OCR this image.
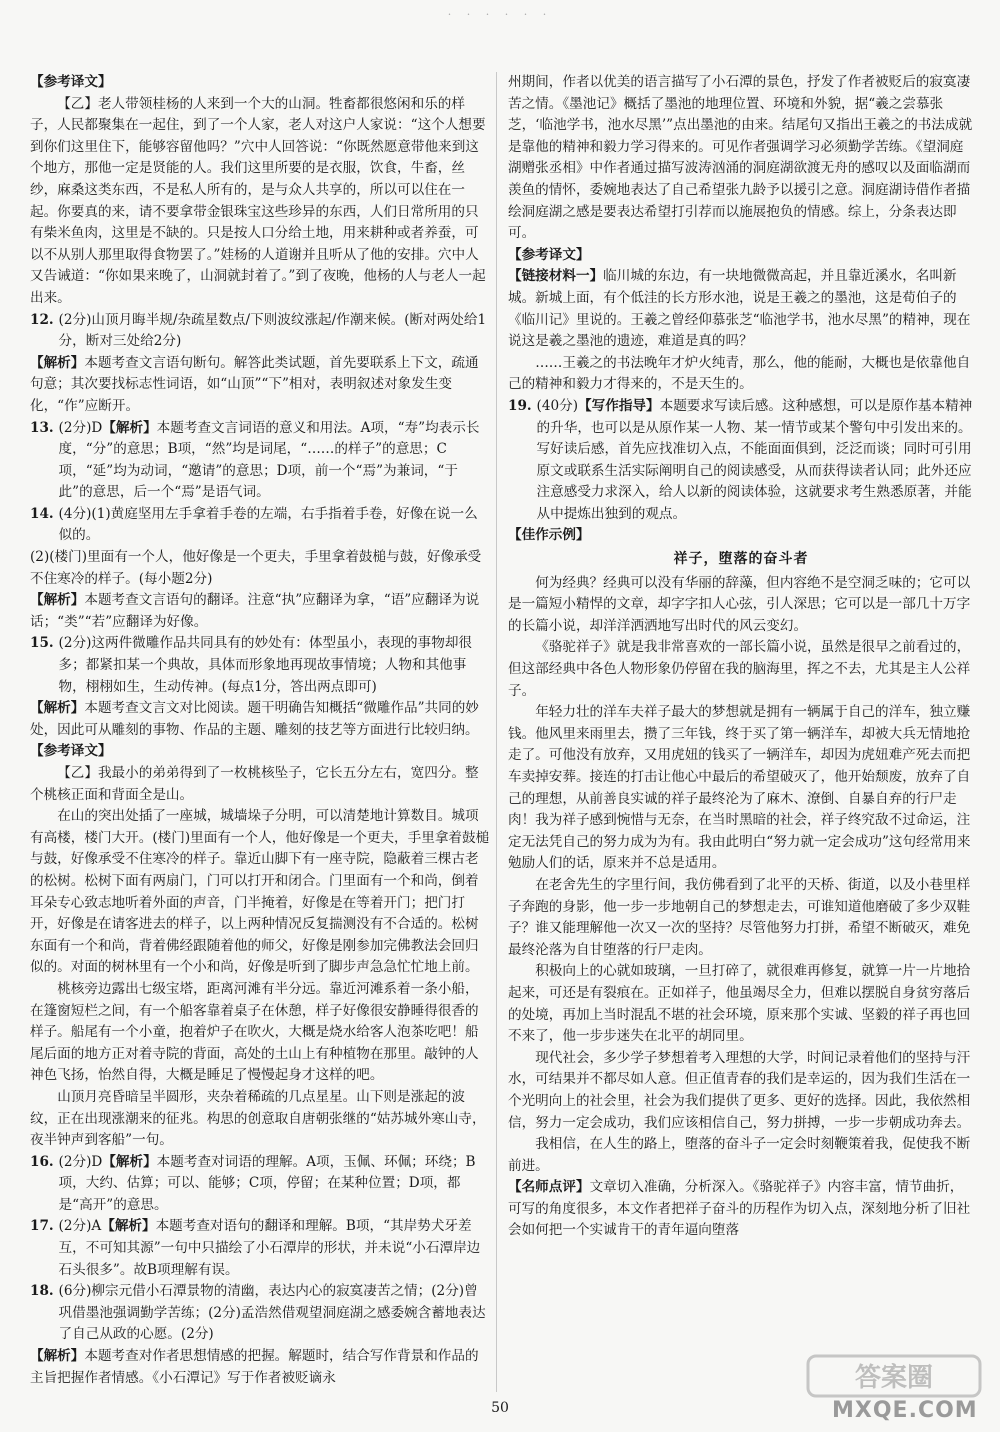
· · · · · ·
【 参考译文 】
【乙】老人带领桂杨的人来到一个大的山洞。牲畜都很悠闲和乐的样子，人民都聚集在一起住，到了一个人家，老人对这户人家说：“这个人想要到你们这里住下，能够容留他吗？”穴中人回答说：“你既然愿意带他来到这个地方，那他一定是贤能的人。我们这里所要的是衣服，饮食，牛畜，丝纱，麻桑这类东西，不是私人所有的，是与众人共享的，所以可以住在一起。你要真的来，请不要拿带金银珠宝这些珍异的东西，人们日常所用的只有柴米鱼肉，这里是不缺的。只是按人口分给土地，用来耕种或者养蚕，可以不从别人那里取得食物罢了。”娃杨的人道谢并且听从了他的安排。穴中人又告诫道：“你如果来晚了，山洞就封着了。”到了夜晚，他杨的人与老人一起出来。
12. (2分)山顶月晦半规/杂疏星数点/下则波纹涨起/作潮来候。(断对两处给1分，断对三处给2分)
【 解析 】 本题考查文言语句断句。解答此类试题，首先要联系上下文，疏通句意；其次要找标志性词语，如“山顶”“下”相对，表明叙述对象发生变化，“作”应断开。
13. (2分)D 【 解析 】 本题考查文言词语的意义和用法。A项，“寿”均表示长度，“分”的意思；B项，“然”均是词尾，“……的样子”的意思；C项，“延”均为动词，“邀请”的意思；D项，前一个“焉”为兼词，“于此”的意思，后一个“焉”是语气词。
14. (4分)(1)黄庭坚用左手拿着手卷的左端，右手指着手卷，好像在说一么似的。
(2)(楼门)里面有一个人，他好像是一个更夫，手里拿着鼓槌与鼓，好像承受不住寒冷的样子。(每小题2分)
【 解析 】 本题考查文言语句的翻译。注意“执”应翻译为拿，“语”应翻译为说话；“类”“若”应翻译为好像。
15. (2分)这两件微雕作品共同具有的妙处有：体型虽小，表现的事物却很多；都紧扣某一个典故，具体而形象地再现故事情境；人物和其他事物，栩栩如生，生动传神。(每点1分，答出两点即可)
【 解析 】 本题考查文言文对比阅读。题干明确告知概括“微雕作品”共同的妙处，因此可从雕刻的事物、作品的主题、雕刻的技艺等方面进行比较归纳。
【 参考译文 】
【乙】我最小的弟弟得到了一枚桃核坠子，它长五分左右，宽四分。整个桃核正面和背面全是山。
在山的突出处插了一座城，城墙垛子分明，可以清楚地计算数目。城项有高楼，楼门大开。(楼门)里面有一个人，他好像是一个更夫，手里拿着鼓槌与鼓，好像承受不住寒冷的样子。靠近山脚下有一座寺院，隐蔽着三棵古老的松树。松树下面有两扇门，门可以打开和闭合。门里面有一个和尚，倒着耳朵专心致志地听着外面的声音，门半掩着，好像是在等着开门；把门打开，好像是在请客进去的样子，以上两种情况反复揣测没有不合适的。松树东面有一个和尚，背着佛经跟随着他的师父，好像是刚参加完佛教法会回归似的。对面的树林里有一个小和尚，好像是听到了脚步声急急忙忙地上前。
桃核旁边露出七级宝塔，距离河滩有半分远。靠近河滩系着一条小船，在篷窗短栏之间，有一个船客靠着桌子在休憩，样子好像很安静睡得很香的样子。船尾有一个小童，抱着炉子在吹火，大概是烧水给客人泡茶吃吧！船尾后面的地方正对着寺院的背面，高处的土山上有种植物在那里。敲钟的人神色飞扬，怡然自得，大概是睡足了慢慢起身才这样的吧。
山顶月亮昏暗呈半圆形，夹杂着稀疏的几点星星。山下则是涨起的波纹，正在出现涨潮来的征兆。构思的创意取自唐朝张继的“姑苏城外寒山寺，夜半钟声到客船”一句。
16. (2分)D 【 解析 】 本题考查对词语的理解。A项，玉佩、环佩；环绕；B项，大约、估算；可以、能够；C项，停留；在某种位置；D项，都是“高开”的意思。
17. (2分)A 【 解析 】 本题考查对语句的翻译和理解。B项，“其岸势犬牙差互，不可知其源”一句中只描绘了小石潭岸的形状，并未说“小石潭岸边石头很多”。故B项理解有误。
18. (6分)柳宗元借小石潭景物的清幽，表达内心的寂寞凄苦之情；(2分)曾巩借墨池强调勤学苦练；(2分)孟浩然借观望洞庭湖之感委婉含蓄地表达了自己从政的心愿。(2分)
【 解析 】 本题考查对作者思想情感的把握。解题时，结合写作背景和作品的主旨把握作者情感。《小石潭记》写于作者被贬谪永
州期间，作者以优美的语言描写了小石潭的景色，抒发了作者被贬后的寂寞凄苦之情。《墨池记》概括了墨池的地理位置、环境和外貌，据“羲之尝慕张芝，‘临池学书，池水尽黑’”点出墨池的由来。结尾句又指出王羲之的书法成就是靠他的精神和毅力学习得来的。可见作者强调学习必须勤学苦练。《望洞庭湖赠张丞相》中作者通过描写波涛汹涌的洞庭湖欲渡无舟的感叹以及面临湖而羡鱼的情怀，委婉地表达了自己希望张九龄予以援引之意。洞庭湖诗借作者描绘洞庭湖之感是要表达希望打引荐而以施展抱负的情感。综上，分条表达即可。
【 参考译文 】
【 链接材料一 】 临川城的东边，有一块地微微高起，并且靠近溪水，名叫新城。新城上面，有个低洼的长方形水池，说是王羲之的墨池，这是荀伯子的《临川记》里说的。王羲之曾经仰慕张芝“临池学书，池水尽黑”的精神，现在说这是羲之墨池的遗迹，难道是真的吗？
……王羲之的书法晚年才炉火纯青，那么，他的能耐，大概也是依靠他自己的精神和毅力才得来的，不是天生的。
19. (40分) 【 写作指导 】 本题要求写读后感。这种感想，可以是原作基本精神的升华，也可以是从原作某一人物、某一情节或某个警句中引发出来的。写好读后感，首先应找准切入点，不能面面俱到，泛泛而谈；同时可引用原文或联系生活实际阐明自己的阅读感受，从而获得读者认同；此外还应注意感受力求深入，给人以新的阅读体验，这就要求考生熟悉原著，并能从中提炼出独到的观点。
【 佳作示例 】
祥子，堕落的奋斗者
何为经典？经典可以没有华丽的辞藻，但内容绝不是空洞乏味的；它可以是一篇短小精悍的文章，却字字扣人心弦，引人深思；它可以是一部几十万字的长篇小说，却洋洋洒洒地写出时代的风云变幻。
《骆驼祥子》就是我非常喜欢的一部长篇小说，虽然是很早之前看过的，但这部经典中各色人物形象仍停留在我的脑海里，挥之不去，尤其是主人公祥子。
年轻力壮的洋车夫祥子最大的梦想就是拥有一辆属于自己的洋车，独立赚钱。他风里来雨里去，攒了三年钱，终于买了第一辆洋车，却被大兵无情地抢走了。可他没有放弃，又用虎妞的钱买了一辆洋车，却因为虎妞难产死去而把车卖掉安葬。接连的打击让他心中最后的希望破灭了，他开始颓废，放弃了自己的理想，从前善良实诚的祥子最终沦为了麻木、潦倒、自暴自弃的行尸走肉！我为祥子感到惋惜与无奈，在当时黑暗的社会，祥子终究敌不过命运，注定无法凭自己的努力成为为有。我由此明白“努力就一定会成功”这句经常用来勉励人们的话，原来并不总是适用。
在老舍先生的字里行间，我仿佛看到了北平的天桥、街道，以及小巷里样子奔跑的身影，他一步一步地朝自己的梦想走去，可谁知道他磨破了多少双鞋子？谁又能理解他一次又一次的坚持？尽管他努力打拼，希望不断破灭，难免最终沦落为自甘堕落的行尸走肉。
积极向上的心就如玻璃，一旦打碎了，就很难再修复，就算一片一片地拾起来，可还是有裂痕在。正如祥子，他虽竭尽全力，但难以摆脱自身贫穷落后的处境，再加上当时混乱不堪的社会环境，原来那个实诚、坚毅的祥子再也回不来了，他一步步迷失在北平的胡同里。
现代社会，多少学子梦想着考入理想的大学，时间记录着他们的坚持与汗水，可结果并不都尽如人意。但正值青春的我们是幸运的，因为我们生活在一个光明向上的社会里，社会为我们提供了更多、更好的选择。因此，我依然相信，努力一定会成功，我们应该相信自己，努力拼搏，一步一步朝成功奔去。
我相信，在人生的路上，堕落的奋斗子一定会时刻鞭策着我，促使我不断前进。
【 名师点评 】 文章切入准确，分析深入。《骆驼祥子》内容丰富，情节曲折，可写的角度很多，本文作者把祥子奋斗的历程作为切入点，深刻地分析了旧社会如何把一个实诚肯干的青年逼向堕落
答案圈
MXQE.COM
50
